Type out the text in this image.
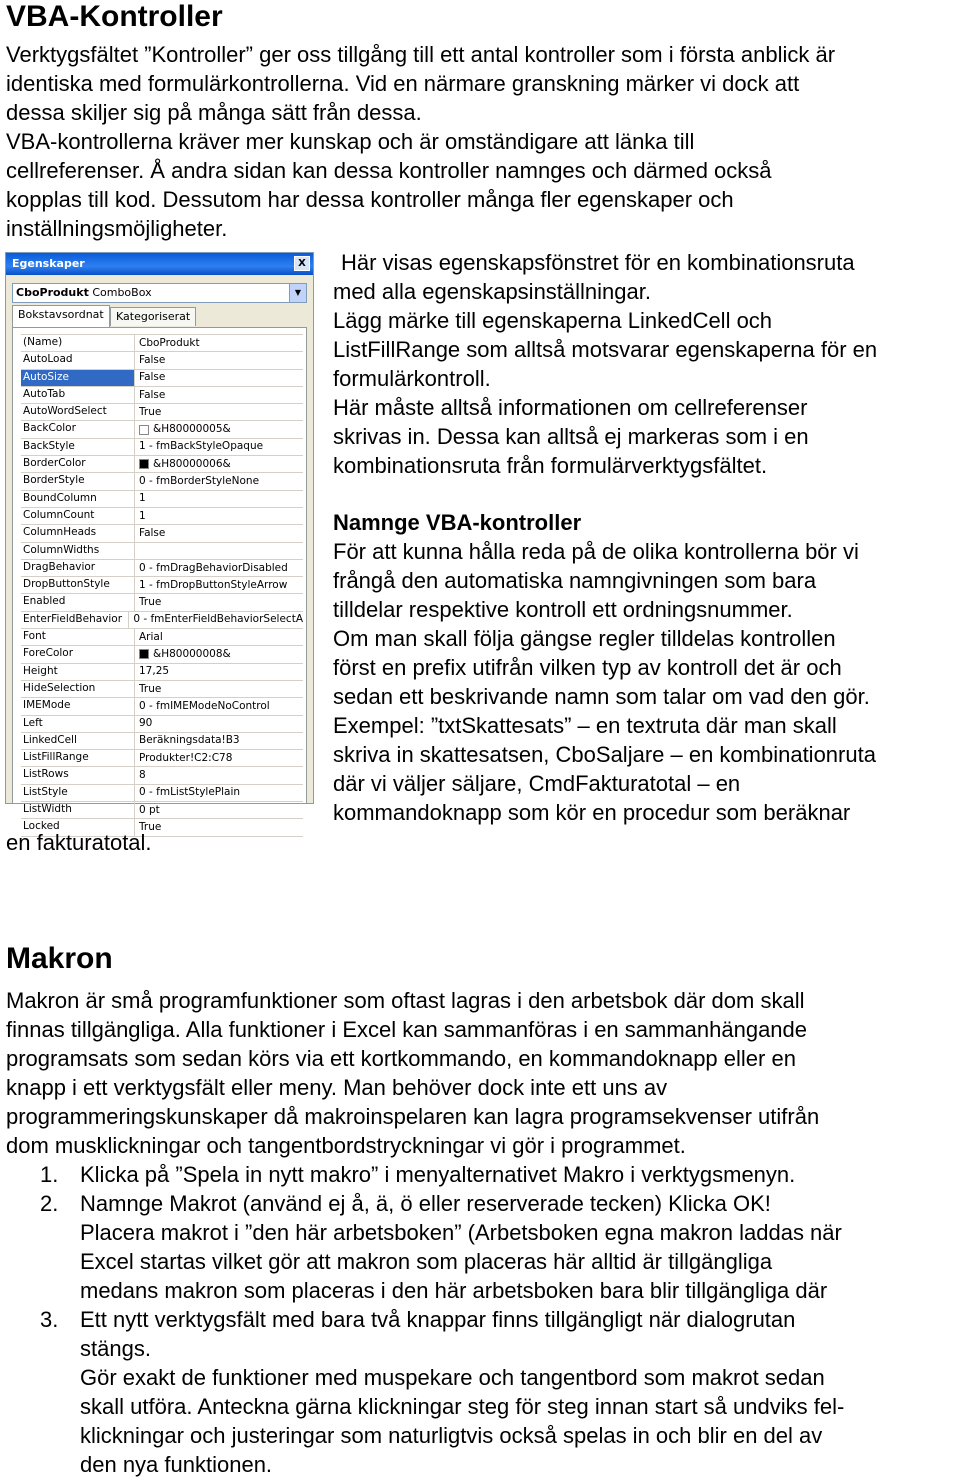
VBA-Kontroller
Verktygsfältet ”Kontroller” ger oss tillgång till ett antal kontroller som i första anblick är
identiska med formulärkontrollerna. Vid en närmare granskning märker vi dock att
dessa skiljer sig på många sätt från dessa.
VBA-kontrollerna kräver mer kunskap och är omständigare att länka till
cellreferenser. Å andra sidan kan dessa kontroller namnges och därmed också
kopplas till kod. Dessutom har dessa kontroller många fler egenskaper och
inställningsmöjligheter.
Egenskaper	X
CboProdukt ComboBox	▼
Bokstavsordnat	Kategoriserat
(Name)	CboProdukt
AutoLoad	False
AutoSize	False
AutoTab	False
AutoWordSelect	True
BackColor	&H80000005&
BackStyle	1 - fmBackStyleOpaque
BorderColor	&H80000006&
BorderStyle	0 - fmBorderStyleNone
BoundColumn	1
ColumnCount	1
ColumnHeads	False
ColumnWidths
DragBehavior	0 - fmDragBehaviorDisabled
DropButtonStyle	1 - fmDropButtonStyleArrow
Enabled	True
EnterFieldBehavior	0 - fmEnterFieldBehaviorSelectA
Font	Arial
ForeColor	&H80000008&
Height	17,25
HideSelection	True
IMEMode	0 - fmIMEModeNoControl
Left	90
LinkedCell	Beräkningsdata!B3
ListFillRange	Produkter!C2:C78
ListRows	8
ListStyle	0 - fmListStylePlain
ListWidth	0 pt
Locked	True
Här visas egenskapsfönstret för en kombinationsruta
med alla egenskapsinställningar.
Lägg märke till egenskaperna LinkedCell och
ListFillRange som alltså motsvarar egenskaperna för en
formulärkontroll.
Här måste alltså informationen om cellreferenser
skrivas in. Dessa kan alltså ej markeras som i en
kombinationsruta från formulärverktygsfältet.
Namnge VBA-kontroller
För att kunna hålla reda på de olika kontrollerna bör vi
frångå den automatiska namngivningen som bara
tilldelar respektive kontroll ett ordningsnummer.
Om man skall följa gängse regler tilldelas kontrollen
först en prefix utifrån vilken typ av kontroll det är och
sedan ett beskrivande namn som talar om vad den gör.
Exempel: ”txtSkattesats” – en textruta där man skall
skriva in skattesatsen, CboSaljare – en kombinationruta
där vi väljer säljare, CmdFakturatotal – en
kommandoknapp som kör en procedur som beräknar
en fakturatotal.
Makron
Makron är små programfunktioner som oftast lagras i den arbetsbok där dom skall
finnas tillgängliga. Alla funktioner i Excel kan sammanföras i en sammanhängande
programsats som sedan körs via ett kortkommando, en kommandoknapp eller en
knapp i ett verktygsfält eller meny. Man behöver dock inte ett uns av
programmeringskunskaper då makroinspelaren kan lagra programsekvenser utifrån
dom musklickningar och tangentbordstryckningar vi gör i programmet.
1. Klicka på ”Spela in nytt makro” i menyalternativet Makro i verktygsmenyn.
2. Namnge Makrot (använd ej å, ä, ö eller reserverade tecken) Klicka OK!
Placera makrot i ”den här arbetsboken” (Arbetsboken egna makron laddas när
Excel startas vilket gör att makron som placeras här alltid är tillgängliga
medans makron som placeras i den här arbetsboken bara blir tillgängliga där
3. Ett nytt verktygsfält med bara två knappar finns tillgängligt när dialogrutan
stängs.
Gör exakt de funktioner med muspekare och tangentbord som makrot sedan
skall utföra. Anteckna gärna klickningar steg för steg innan start så undviks fel-
klickningar och justeringar som naturligtvis också spelas in och blir en del av
den nya funktionen.
